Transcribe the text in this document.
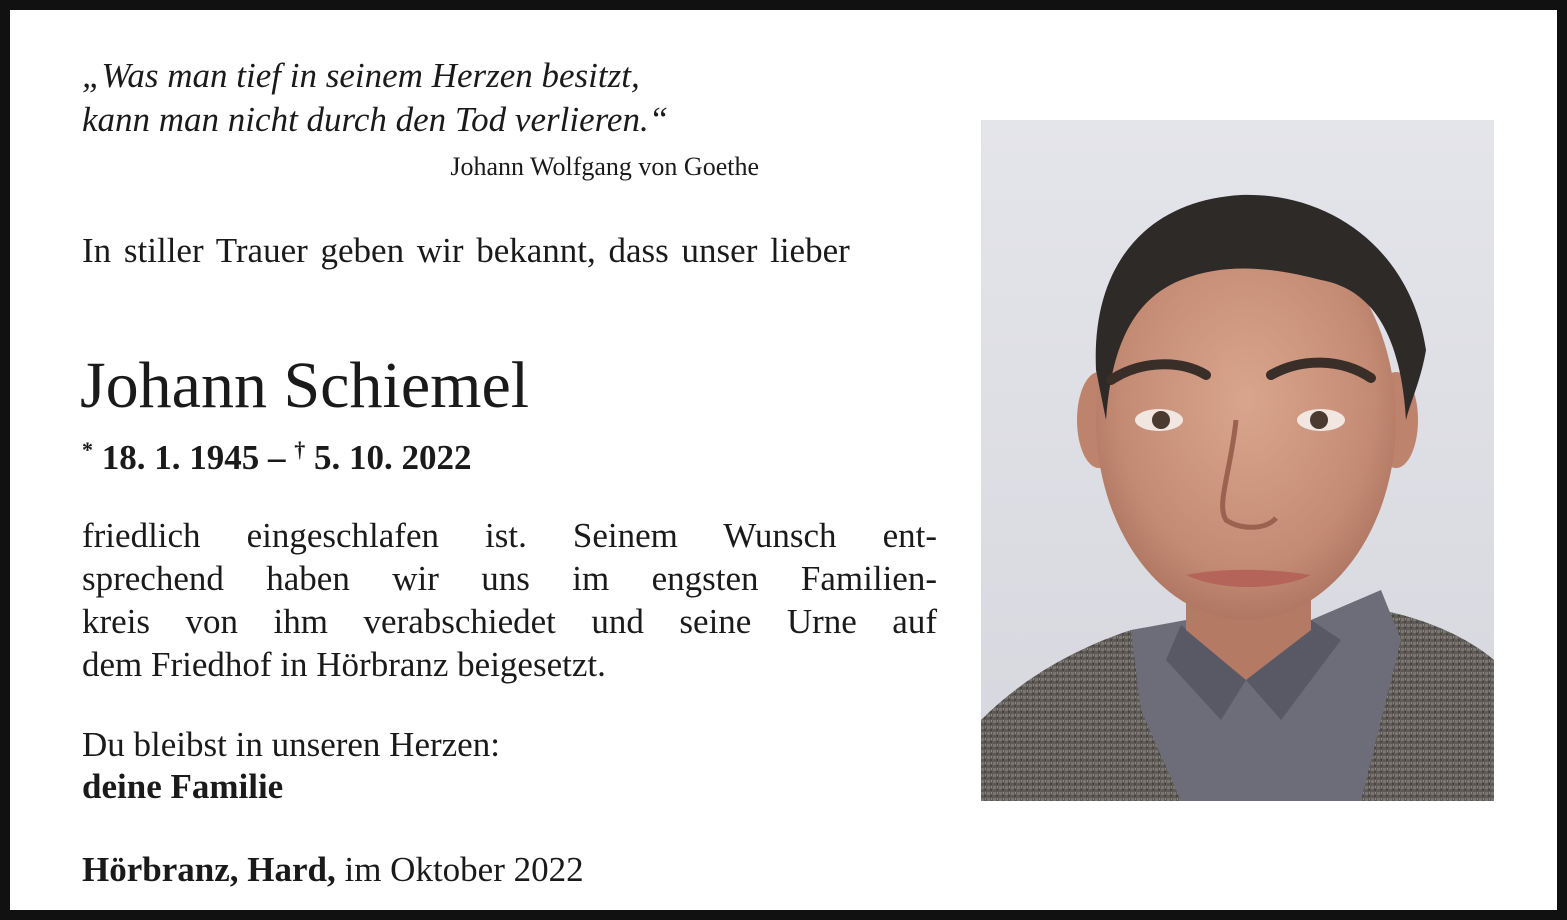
„Was man tief in seinem Herzen besitzt,
kann man nicht durch den Tod verlieren.“
Johann Wolfgang von Goethe
In stiller Trauer geben wir bekannt, dass unser lieber
Johann Schiemel
* 18. 1. 1945 – † 5. 10. 2022
friedlich eingeschlafen ist. Seinem Wunsch ent-
sprechend haben wir uns im engsten Familien-
kreis von ihm verabschiedet und seine Urne auf
dem Friedhof in Hörbranz beigesetzt.
Du bleibst in unseren Herzen:
deine Familie
Hörbranz, Hard, im Oktober 2022
